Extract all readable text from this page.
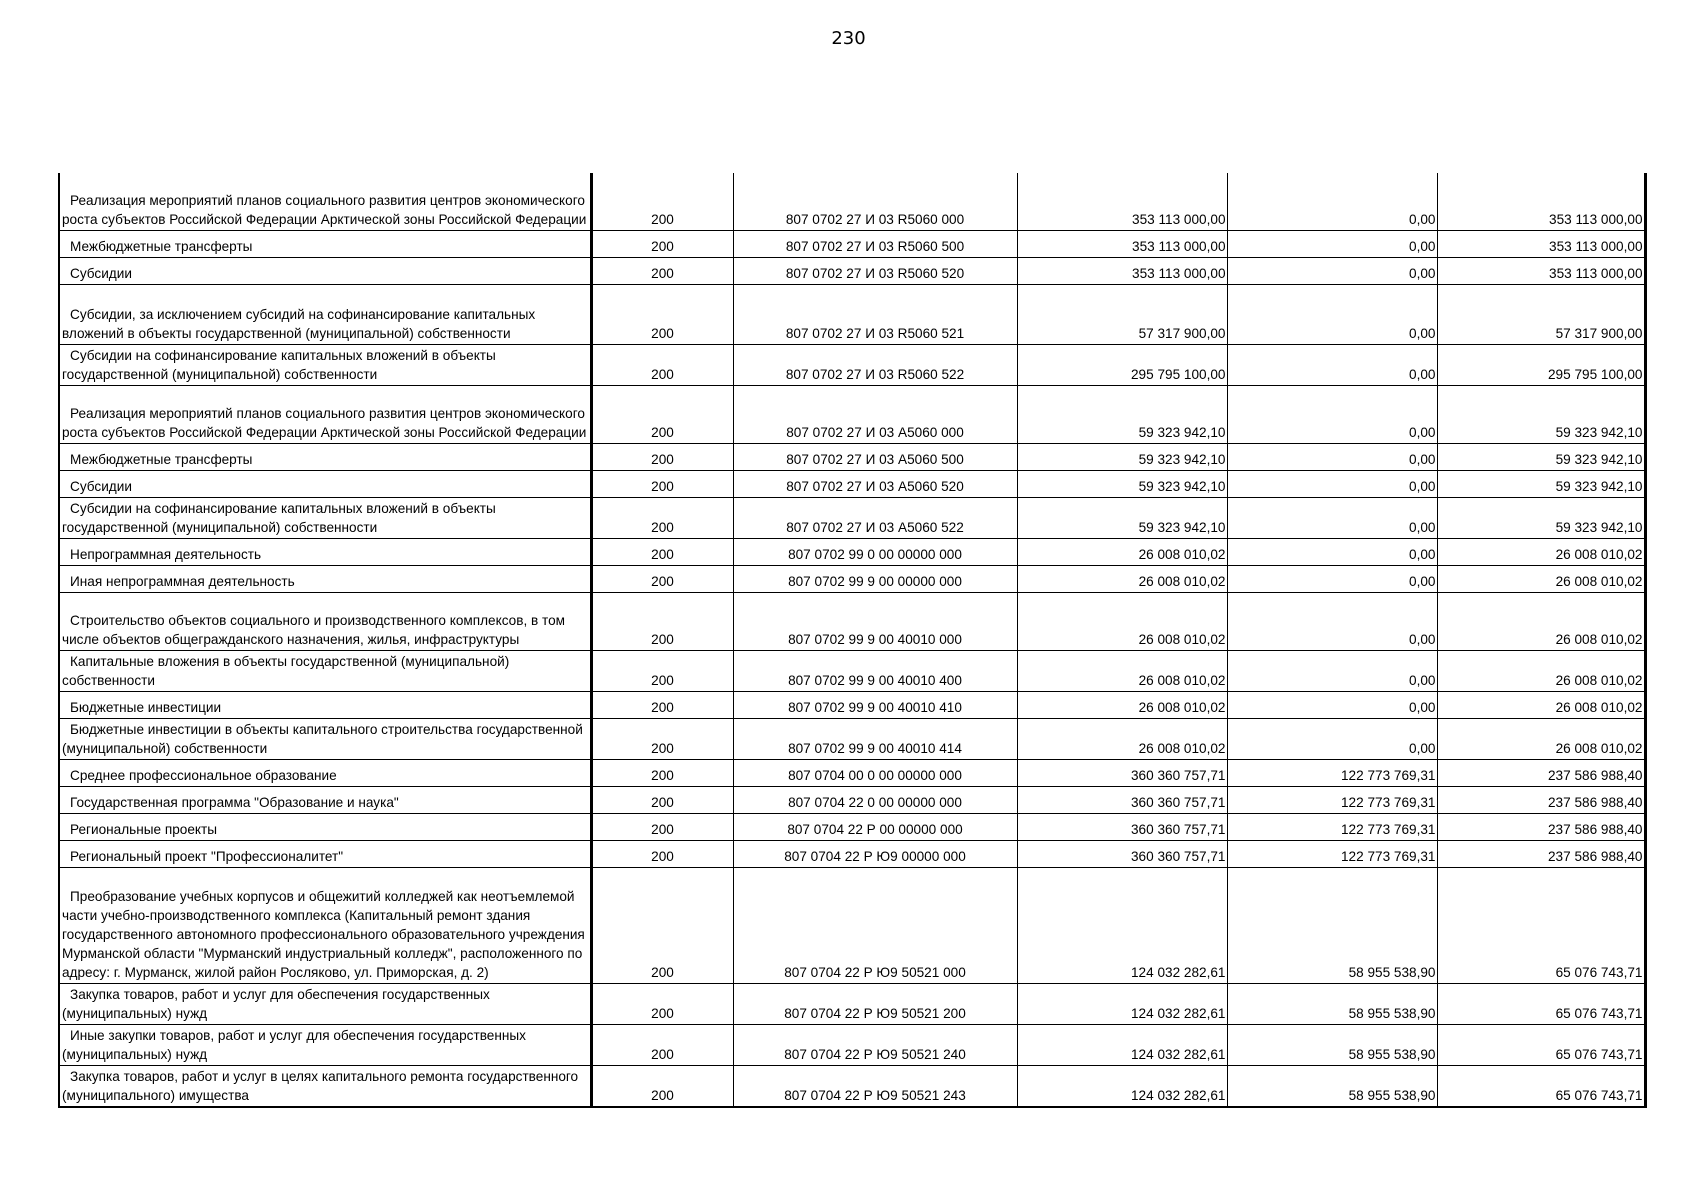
230
Реализация мероприятий планов социального развития центров экономического роста субъектов Российской Федерации Арктической зоны Российской Федерации	200	807 0702 27 И 03 R5060 000	353 113 000,00	0,00	353 113 000,00
Межбюджетные трансферты	200	807 0702 27 И 03 R5060 500	353 113 000,00	0,00	353 113 000,00
Субсидии	200	807 0702 27 И 03 R5060 520	353 113 000,00	0,00	353 113 000,00
Субсидии, за исключением субсидий на софинансирование капитальных вложений в объекты государственной (муниципальной) собственности	200	807 0702 27 И 03 R5060 521	57 317 900,00	0,00	57 317 900,00
Субсидии на софинансирование капитальных вложений в объекты государственной (муниципальной) собственности	200	807 0702 27 И 03 R5060 522	295 795 100,00	0,00	295 795 100,00
Реализация мероприятий планов социального развития центров экономического роста субъектов Российской Федерации Арктической зоны Российской Федерации	200	807 0702 27 И 03 А5060 000	59 323 942,10	0,00	59 323 942,10
Межбюджетные трансферты	200	807 0702 27 И 03 А5060 500	59 323 942,10	0,00	59 323 942,10
Субсидии	200	807 0702 27 И 03 А5060 520	59 323 942,10	0,00	59 323 942,10
Субсидии на софинансирование капитальных вложений в объекты государственной (муниципальной) собственности	200	807 0702 27 И 03 А5060 522	59 323 942,10	0,00	59 323 942,10
Непрограммная деятельность	200	807 0702 99 0 00 00000 000	26 008 010,02	0,00	26 008 010,02
Иная непрограммная деятельность	200	807 0702 99 9 00 00000 000	26 008 010,02	0,00	26 008 010,02
Строительство объектов социального и производственного комплексов, в том числе объектов общегражданского назначения, жилья, инфраструктуры	200	807 0702 99 9 00 40010 000	26 008 010,02	0,00	26 008 010,02
Капитальные вложения в объекты государственной (муниципальной) собственности	200	807 0702 99 9 00 40010 400	26 008 010,02	0,00	26 008 010,02
Бюджетные инвестиции	200	807 0702 99 9 00 40010 410	26 008 010,02	0,00	26 008 010,02
Бюджетные инвестиции в объекты капитального строительства государственной (муниципальной) собственности	200	807 0702 99 9 00 40010 414	26 008 010,02	0,00	26 008 010,02
Среднее профессиональное образование	200	807 0704 00 0 00 00000 000	360 360 757,71	122 773 769,31	237 586 988,40
Государственная программа "Образование и наука"	200	807 0704 22 0 00 00000 000	360 360 757,71	122 773 769,31	237 586 988,40
Региональные проекты	200	807 0704 22 Р 00 00000 000	360 360 757,71	122 773 769,31	237 586 988,40
Региональный проект "Профессионалитет"	200	807 0704 22 Р Ю9 00000 000	360 360 757,71	122 773 769,31	237 586 988,40
Преобразование учебных корпусов и общежитий колледжей как неотъемлемой части учебно-производственного комплекса (Капитальный ремонт здания государственного автономного профессионального образовательного учреждения Мурманской области "Мурманский индустриальный колледж", расположенного по адресу: г. Мурманск, жилой район Росляково, ул. Приморская, д. 2)	200	807 0704 22 Р Ю9 50521 000	124 032 282,61	58 955 538,90	65 076 743,71
Закупка товаров, работ и услуг для обеспечения государственных (муниципальных) нужд	200	807 0704 22 Р Ю9 50521 200	124 032 282,61	58 955 538,90	65 076 743,71
Иные закупки товаров, работ и услуг для обеспечения государственных (муниципальных) нужд	200	807 0704 22 Р Ю9 50521 240	124 032 282,61	58 955 538,90	65 076 743,71
Закупка товаров, работ и услуг в целях капитального ремонта государственного (муниципального) имущества	200	807 0704 22 Р Ю9 50521 243	124 032 282,61	58 955 538,90	65 076 743,71
